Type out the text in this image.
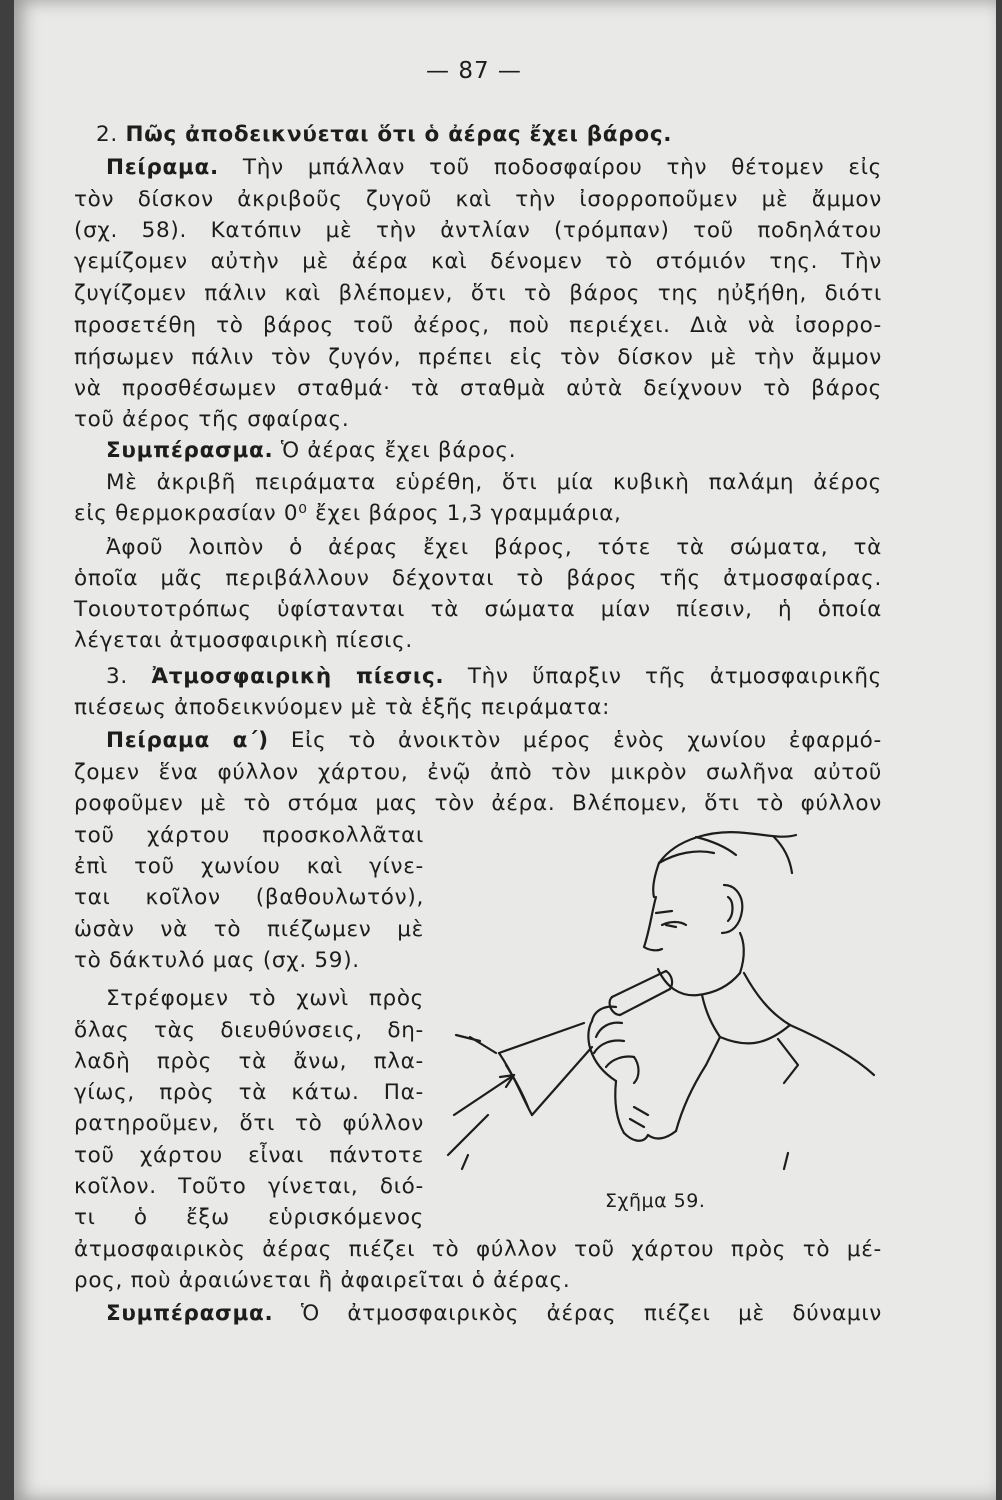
— 87 —
2. Πῶς ἀποδεικνύεται ὅτι ὁ ἀέρας ἔχει βάρος.
Πείραμα. Τὴν μπάλλαν τοῦ ποδοσφαίρου τὴν θέτομεν εἰς
τὸν δίσκον ἀκριβοῦς ζυγοῦ καὶ τὴν ἰσορροποῦμεν μὲ ἄμμον
(σχ. 58). Κατόπιν μὲ τὴν ἀντλίαν (τρόμπαν) τοῦ ποδηλάτου
γεμίζομεν αὐτὴν μὲ ἀέρα καὶ δένομεν τὸ στόμιόν της. Τὴν
ζυγίζομεν πάλιν καὶ βλέπομεν, ὅτι τὸ βάρος της ηὐξήθη, διότι
προσετέθη τὸ βάρος τοῦ ἀέρος, ποὺ περιέχει. Διὰ νὰ ἰσορρο-
πήσωμεν πάλιν τὸν ζυγόν, πρέπει εἰς τὸν δίσκον μὲ τὴν ἄμμον
νὰ προσθέσωμεν σταθμά· τὰ σταθμὰ αὐτὰ δείχνουν τὸ βάρος
τοῦ ἀέρος τῆς σφαίρας.
Συμπέρασμα. Ὁ ἀέρας ἔχει βάρος.
Μὲ ἀκριβῆ πειράματα εὑρέθη, ὅτι μία κυβικὴ παλάμη ἀέρος
εἰς θερμοκρασίαν 0⁰ ἔχει βάρος 1,3 γραμμάρια,
Ἀφοῦ λοιπὸν ὁ ἀέρας ἔχει βάρος, τότε τὰ σώματα, τὰ
ὁποῖα μᾶς περιβάλλουν δέχονται τὸ βάρος τῆς ἀτμοσφαίρας.
Τοιουτοτρόπως ὑφίστανται τὰ σώματα μίαν πίεσιν, ἡ ὁποία
λέγεται ἀτμοσφαιρικὴ πίεσις.
3. Ἀτμοσφαιρικὴ πίεσις. Τὴν ὕπαρξιν τῆς ἀτμοσφαιρικῆς
πιέσεως ἀποδεικνύομεν μὲ τὰ ἑξῆς πειράματα:
Πείραμα α΄) Εἰς τὸ ἀνοικτὸν μέρος ἑνὸς χωνίου ἐφαρμό-
ζομεν ἕνα φύλλον χάρτου, ἐνῷ ἀπὸ τὸν μικρὸν σωλῆνα αὐτοῦ
ροφοῦμεν μὲ τὸ στόμα μας τὸν ἀέρα. Βλέπομεν, ὅτι τὸ φύλλον
τοῦ χάρτου προσκολλᾶται
ἐπὶ τοῦ χωνίου καὶ γίνε-
ται κοῖλον (βαθουλωτόν),
ὡσὰν νὰ τὸ πιέζωμεν μὲ
τὸ δάκτυλό μας (σχ. 59).
Στρέφομεν τὸ χωνὶ πρὸς
ὅλας τὰς διευθύνσεις, δη-
λαδὴ πρὸς τὰ ἄνω, πλα-
γίως, πρὸς τὰ κάτω. Πα-
ρατηροῦμεν, ὅτι τὸ φύλλον
τοῦ χάρτου εἶναι πάντοτε
κοῖλον. Τοῦτο γίνεται, διό-
τι ὁ ἔξω εὑρισκόμενος
ἀτμοσφαιρικὸς ἀέρας πιέζει τὸ φύλλον τοῦ χάρτου πρὸς τὸ μέ-
ρος, ποὺ ἀραιώνεται ἢ ἀφαιρεῖται ὁ ἀέρας.
Συμπέρασμα. Ὁ ἀτμοσφαιρικὸς ἀέρας πιέζει μὲ δύναμιν
Σχῆμα 59.
